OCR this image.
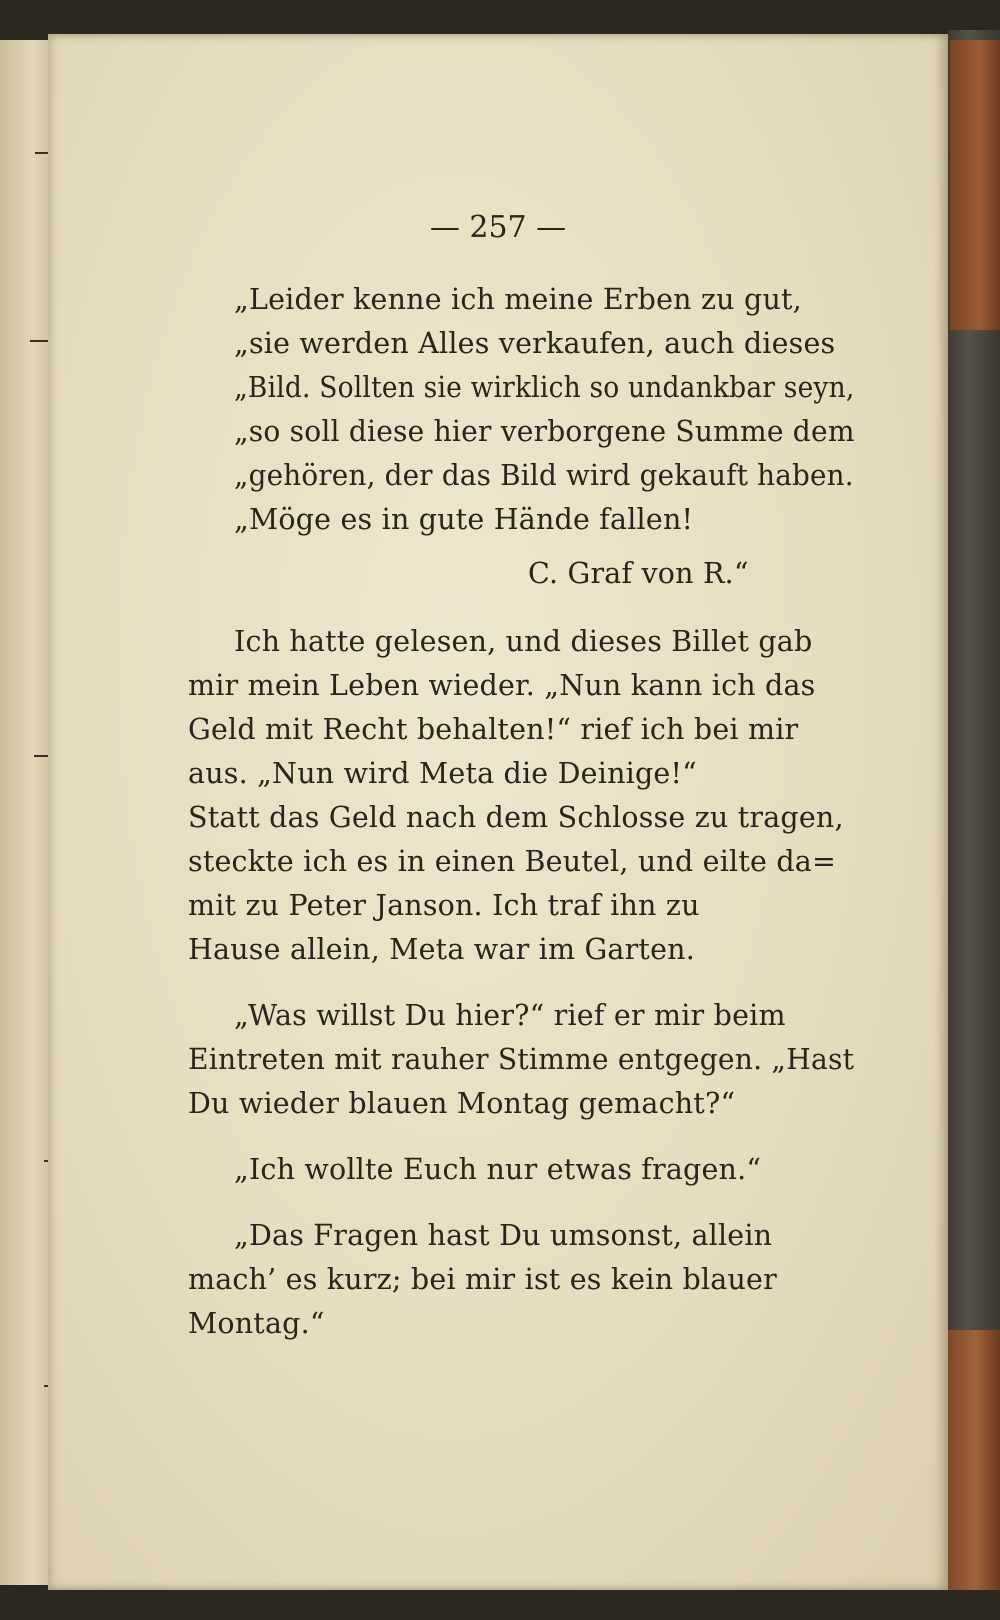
— 257 —

„Leider kenne ich meine Erben zu gut,

„sie werden Alles verkaufen, auch dieses

„Bild. Sollten sie wirklich so undankbar seyn,

„so soll diese hier verborgene Summe dem

„gehören, der das Bild wird gekauft haben.

„Möge es in gute Hände fallen!

C. Graf von R.“

Ich hatte gelesen, und dieses Billet gab

mir mein Leben wieder. „Nun kann ich das

Geld mit Recht behalten!“ rief ich bei mir

aus. „Nun wird Meta die Deinige!“

Statt das Geld nach dem Schlosse zu tragen,

steckte ich es in einen Beutel, und eilte da=

mit zu Peter Janson. Ich traf ihn zu

Hause allein, Meta war im Garten.

„Was willst Du hier?“ rief er mir beim

Eintreten mit rauher Stimme entgegen. „Hast

Du wieder blauen Montag gemacht?“

„Ich wollte Euch nur etwas fragen.“

„Das Fragen hast Du umsonst, allein

mach’ es kurz; bei mir ist es kein blauer

Montag.“
